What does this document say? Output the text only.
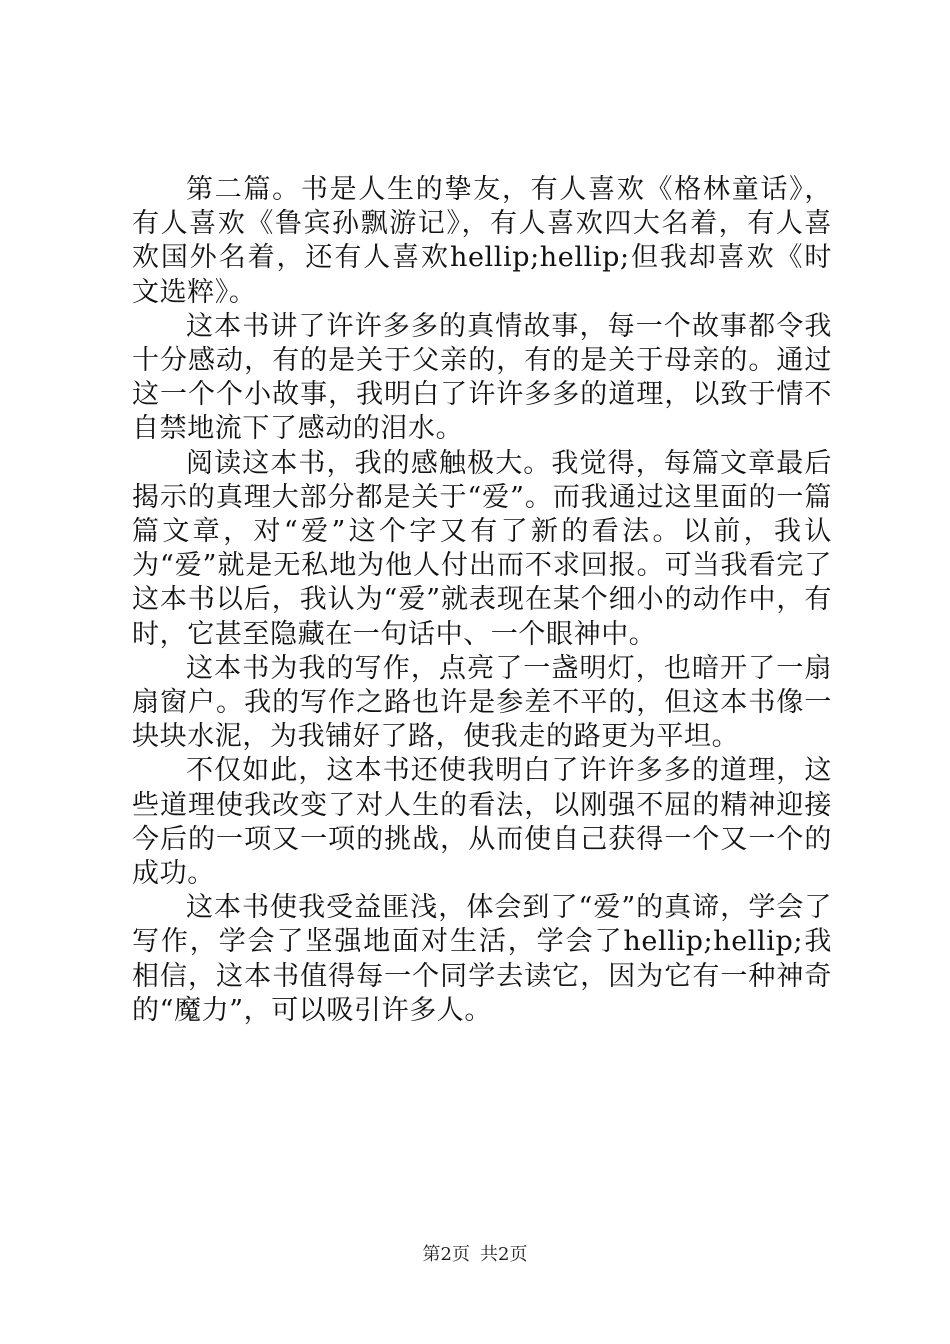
第二篇。书是人生的挚友，有人喜欢《格林童话》，有人喜欢《鲁宾孙飘游记》，有人喜欢四大名着，有人喜欢国外名着，还有人喜欢hellip;hellip;但我却喜欢《时文选粹》。

这本书讲了许许多多的真情故事，每一个故事都令我十分感动，有的是关于父亲的，有的是关于母亲的。通过这一个个小故事，我明白了许许多多的道理，以致于情不自禁地流下了感动的泪水。

阅读这本书，我的感触极大。我觉得，每篇文章最后揭示的真理大部分都是关于“爱”。而我通过这里面的一篇篇文章，对“爱”这个字又有了新的看法。以前，我认为“爱”就是无私地为他人付出而不求回报。可当我看完了这本书以后，我认为“爱”就表现在某个细小的动作中，有时，它甚至隐藏在一句话中、一个眼神中。

这本书为我的写作，点亮了一盏明灯，也暗开了一扇扇窗户。我的写作之路也许是参差不平的，但这本书像一块块水泥，为我铺好了路，使我走的路更为平坦。

不仅如此，这本书还使我明白了许许多多的道理，这些道理使我改变了对人生的看法，以刚强不屈的精神迎接今后的一项又一项的挑战，从而使自己获得一个又一个的成功。

这本书使我受益匪浅，体会到了“爱”的真谛，学会了写作，学会了坚强地面对生活，学会了hellip;hellip;我相信，这本书值得每一个同学去读它，因为它有一种神奇的“魔力”，可以吸引许多人。

第2页 共2页
